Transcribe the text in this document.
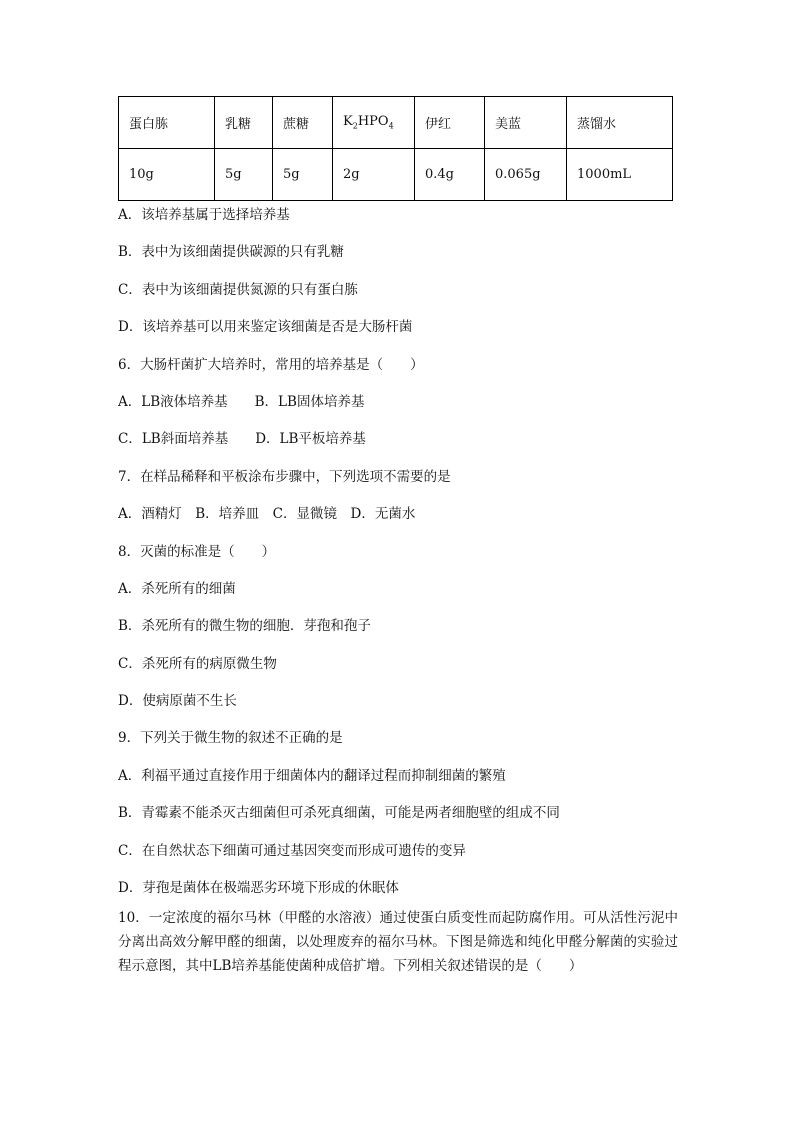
蛋白胨	乳糖	蔗糖	$K_2HPO_4$	伊红	美蓝	蒸馏水
10g	5g	5g	2g	0.4g	0.065g	1000mL
A．该培养基属于选择培养基
B．表中为该细菌提供碳源的只有乳糖
C．表中为该细菌提供氮源的只有蛋白胨
D．该培养基可以用来鉴定该细菌是否是大肠杆菌
6．大肠杆菌扩大培养时，常用的培养基是（　　）
A．LB液体培养基　　B．LB固体培养基
C．LB斜面培养基　　D．LB平板培养基
7．在样品稀释和平板涂布步骤中，下列选项不需要的是
A．酒精灯　B．培养皿　C．显微镜　D．无菌水
8．灭菌的标准是（　　）
A．杀死所有的细菌
B．杀死所有的微生物的细胞．芽孢和孢子
C．杀死所有的病原微生物
D．使病原菌不生长
9．下列关于微生物的叙述不正确的是
A．利福平通过直接作用于细菌体内的翻译过程而抑制细菌的繁殖
B．青霉素不能杀灭古细菌但可杀死真细菌，可能是两者细胞壁的组成不同
C．在自然状态下细菌可通过基因突变而形成可遗传的变异
D．芽孢是菌体在极端恶劣环境下形成的休眠体
10．一定浓度的福尔马林（甲醛的水溶液）通过使蛋白质变性而起防腐作用。可从活性污泥中分离出高效分解甲醛的细菌，以处理废弃的福尔马林。下图是筛选和纯化甲醛分解菌的实验过程示意图，其中LB培养基能使菌种成倍扩增。下列相关叙述错误的是（　　）
